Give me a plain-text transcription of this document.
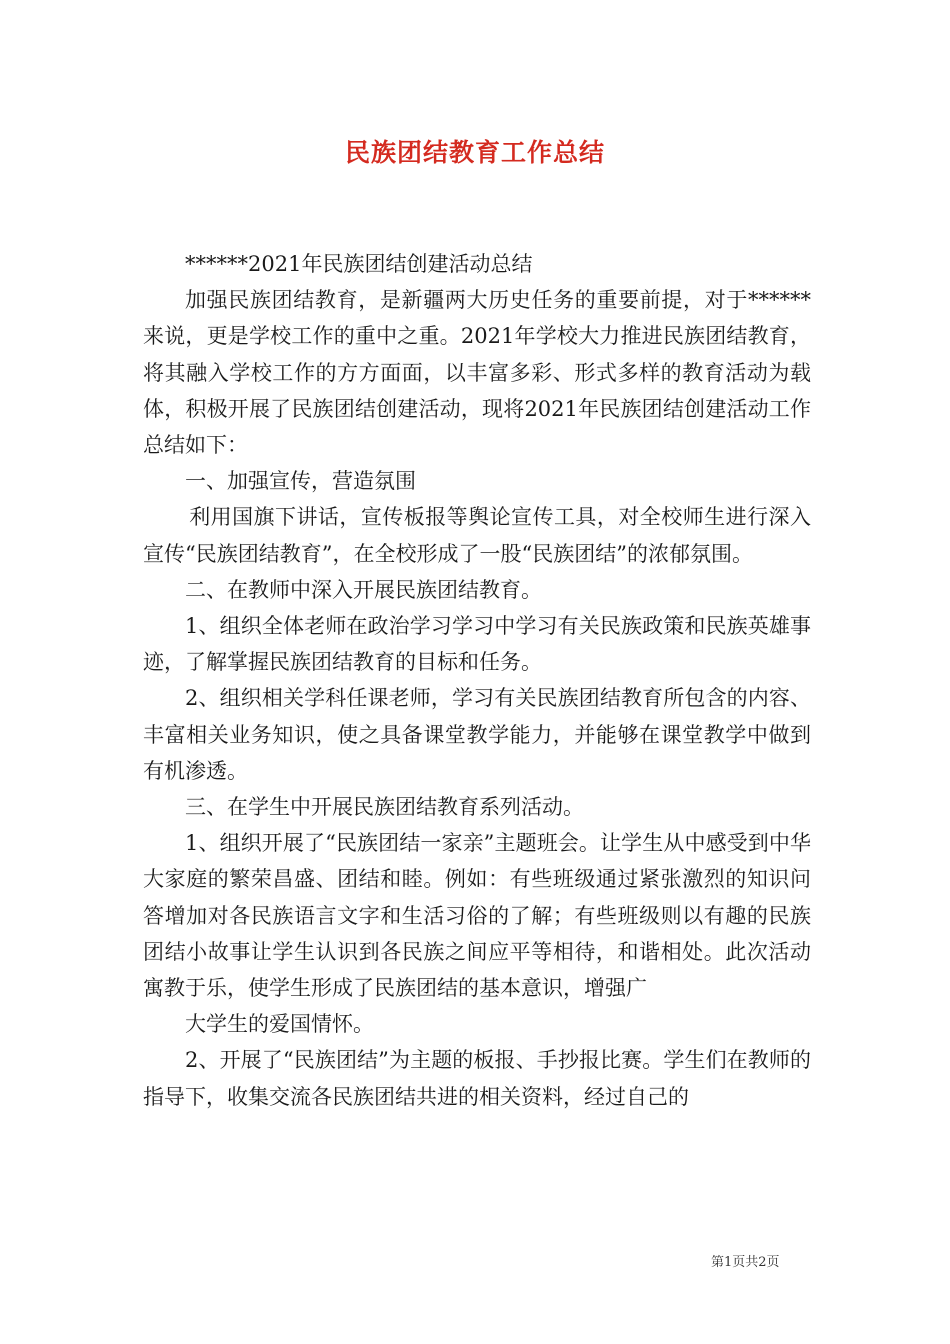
民族团结教育工作总结

******2021年民族团结创建活动总结

加强民族团结教育，是新疆两大历史任务的重要前提，对于******来说，更是学校工作的重中之重。2021年学校大力推进民族团结教育，将其融入学校工作的方方面面，以丰富多彩、形式多样的教育活动为载体，积极开展了民族团结创建活动，现将2021年民族团结创建活动工作总结如下：

一、加强宣传，营造氛围

利用国旗下讲话，宣传板报等舆论宣传工具，对全校师生进行深入宣传“民族团结教育”，在全校形成了一股“民族团结”的浓郁氛围。

二、在教师中深入开展民族团结教育。

1、组织全体老师在政治学习学习中学习有关民族政策和民族英雄事迹，了解掌握民族团结教育的目标和任务。

2、组织相关学科任课老师，学习有关民族团结教育所包含的内容、丰富相关业务知识，使之具备课堂教学能力，并能够在课堂教学中做到有机渗透。

三、在学生中开展民族团结教育系列活动。

1、组织开展了“民族团结一家亲”主题班会。让学生从中感受到中华大家庭的繁荣昌盛、团结和睦。例如：有些班级通过紧张激烈的知识问答增加对各民族语言文字和生活习俗的了解；有些班级则以有趣的民族团结小故事让学生认识到各民族之间应平等相待，和谐相处。此次活动寓教于乐，使学生形成了民族团结的基本意识，增强广

大学生的爱国情怀。

2、开展了“民族团结”为主题的板报、手抄报比赛。学生们在教师的指导下，收集交流各民族团结共进的相关资料，经过自己的

第1页共2页
